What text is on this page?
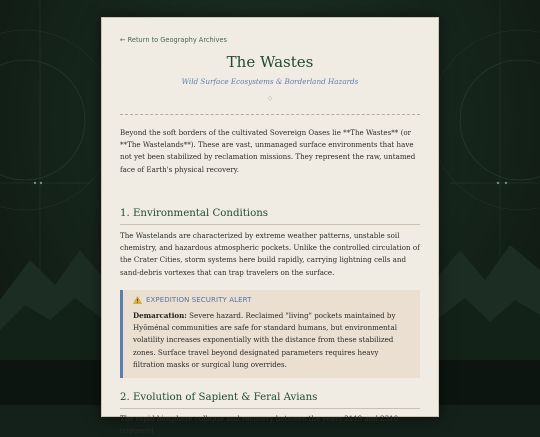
← Return to Geography Archives
The Wastes
Wild Surface Ecosystems & Borderland Hazards
◇

Beyond the soft borders of the cultivated Sovereign Oases lie **The Wastes** (or **The Wastelands**). These are vast, unmanaged surface environments that have not yet been stabilized by reclamation missions. They represent the raw, untamed face of Earth's physical recovery.

1. Environmental Conditions

The Wastelands are characterized by extreme weather patterns, unstable soil chemistry, and hazardous atmospheric pockets. Unlike the controlled circulation of the Crater Cities, storm systems here build rapidly, carrying lightning cells and sand-debris vortexes that can trap travelers on the surface.

EXPEDITION SECURITY ALERT
Demarcation: Severe hazard. Reclaimed "living" pockets maintained by Hyōménal communities are safe for standard humans, but environmental volatility increases exponentially with the distance from these stabilized zones. Surface travel beyond designated parameters requires heavy filtration masks or surgical lung overrides.
2. Evolution of Sapient & Feral Avians

The rapid biosphere collapse and recovery between the years 2119 and 2310 triggered
